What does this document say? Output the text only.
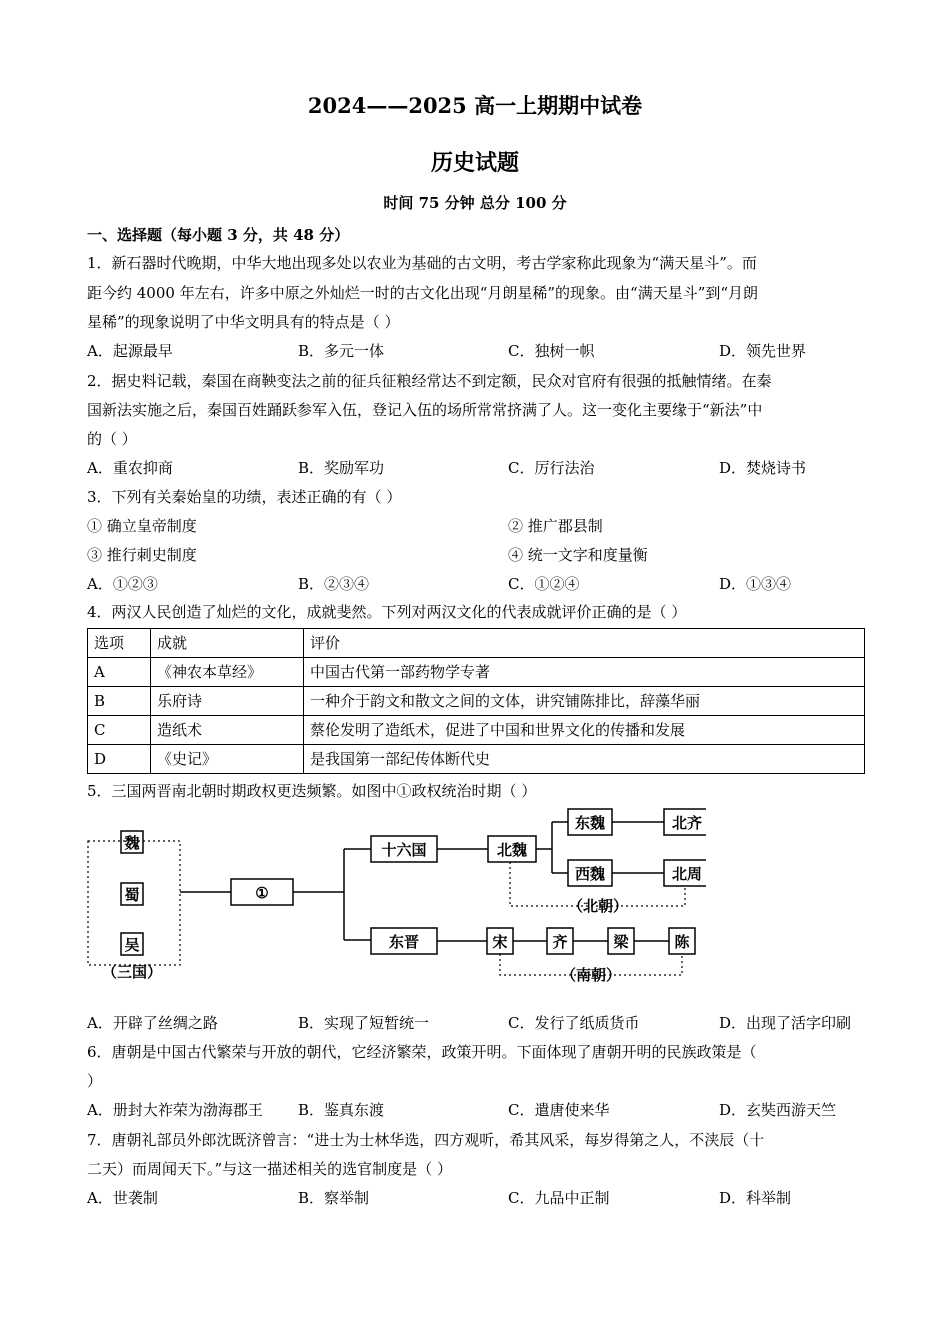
2024——2025 高一上期期中试卷
历史试题
时间 75 分钟 总分 100 分
一、选择题（每小题 3 分，共 48 分）
1．新石器时代晚期，中华大地出现多处以农业为基础的古文明，考古学家称此现象为“满天星斗”。而
距今约 4000 年左右，许多中原之外灿烂一时的古文化出现“月朗星稀”的现象。由“满天星斗”到“月朗
星稀”的现象说明了中华文明具有的特点是（ ）
A．起源最早	B．多元一体	C．独树一帜	D．领先世界
2．据史料记载，秦国在商鞅变法之前的征兵征粮经常达不到定额，民众对官府有很强的抵触情绪。在秦
国新法实施之后，秦国百姓踊跃参军入伍，登记入伍的场所常常挤满了人。这一变化主要缘于“新法”中
的（ ）
A．重农抑商	B．奖励军功	C．厉行法治	D．焚烧诗书
3．下列有关秦始皇的功绩，表述正确的有（ ）
① 确立皇帝制度	② 推广郡县制
③ 推行刺史制度	④ 统一文字和度量衡
A．①②③	B．②③④	C．①②④	D．①③④
4．两汉人民创造了灿烂的文化，成就斐然。下列对两汉文化的代表成就评价正确的是（ ）
选项	成就	评价
A	《神农本草经》	中国古代第一部药物学专著
B	乐府诗	一种介于韵文和散文之间的文体，讲究铺陈排比，辞藻华丽
C	造纸术	蔡伦发明了造纸术，促进了中国和世界文化的传播和发展
D	《史记》	是我国第一部纪传体断代史
5．三国两晋南北朝时期政权更迭频繁。如图中①政权统治时期（ ）
魏
蜀
吴
（三国）
①
十六国	北魏
东魏	北齐
西魏	北周
（北朝）
东晋	宋	齐	梁	陈
（南朝）
A．开辟了丝绸之路	B．实现了短暂统一	C．发行了纸质货币	D．出现了活字印刷
6．唐朝是中国古代繁荣与开放的朝代，它经济繁荣，政策开明。下面体现了唐朝开明的民族政策是（
）
A．册封大祚荣为渤海郡王 B．鉴真东渡	C．遣唐使来华	D．玄奘西游天竺
7．唐朝礼部员外郎沈既济曾言：“进士为士林华选，四方观听，希其风采，每岁得第之人，不浃辰（十
二天）而周闻天下。”与这一描述相关的选官制度是（ ）
A．世袭制	B．察举制	C．九品中正制	D．科举制
